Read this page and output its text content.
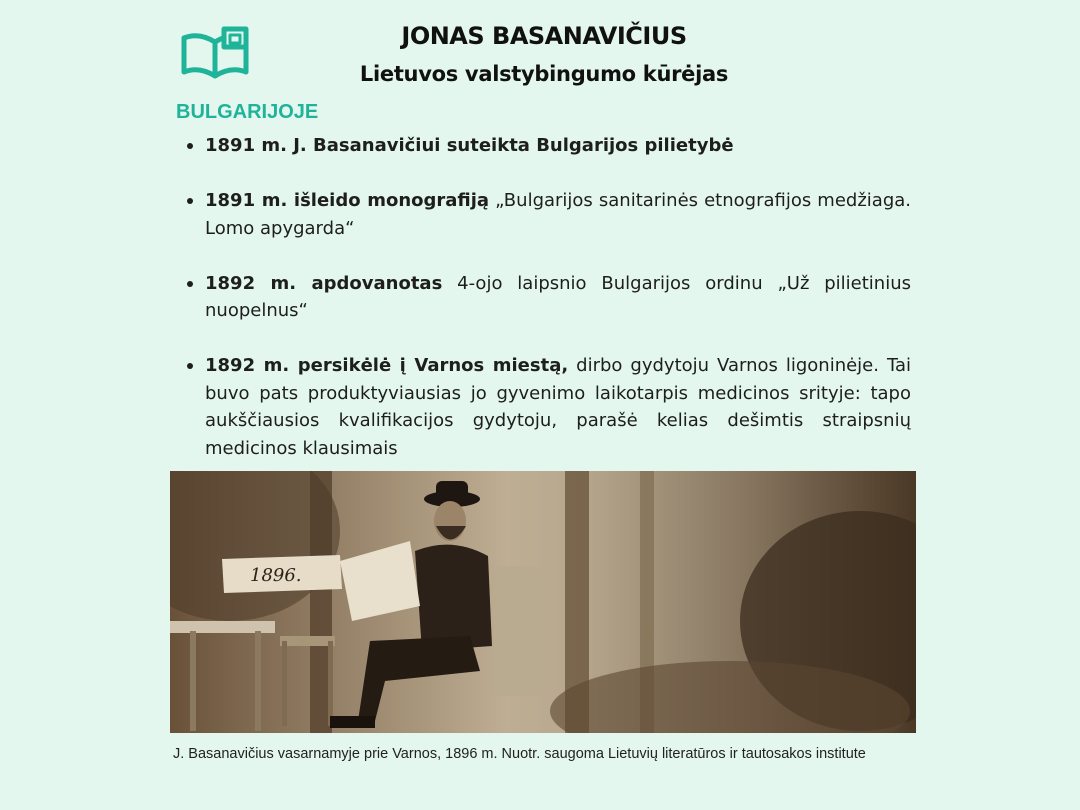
JONAS BASANAVIČIUS
Lietuvos valstybingumo kūrėjas
BULGARIJOJE
1891 m. J. Basanavičiui suteikta Bulgarijos pilietybė
1891 m. išleido monografiją „Bulgarijos sanitarinės etnografijos medžiaga. Lomo apygarda“
1892 m. apdovanotas 4-ojo laipsnio Bulgarijos ordinu „Už pilietinius nuopelnus“
1892 m. persikėlė į Varnos miestą, dirbo gydytoju Varnos ligoninėje. Tai buvo pats produktyviausias jo gyvenimo laikotarpis medicinos srityje: tapo aukščiausios kvalifikacijos gydytoju, parašė kelias dešimtis straipsnių medicinos klausimais
1896.
J. Basanavičius vasarnamyje prie Varnos, 1896 m. Nuotr. saugoma Lietuvių literatūros ir tautosakos institute
